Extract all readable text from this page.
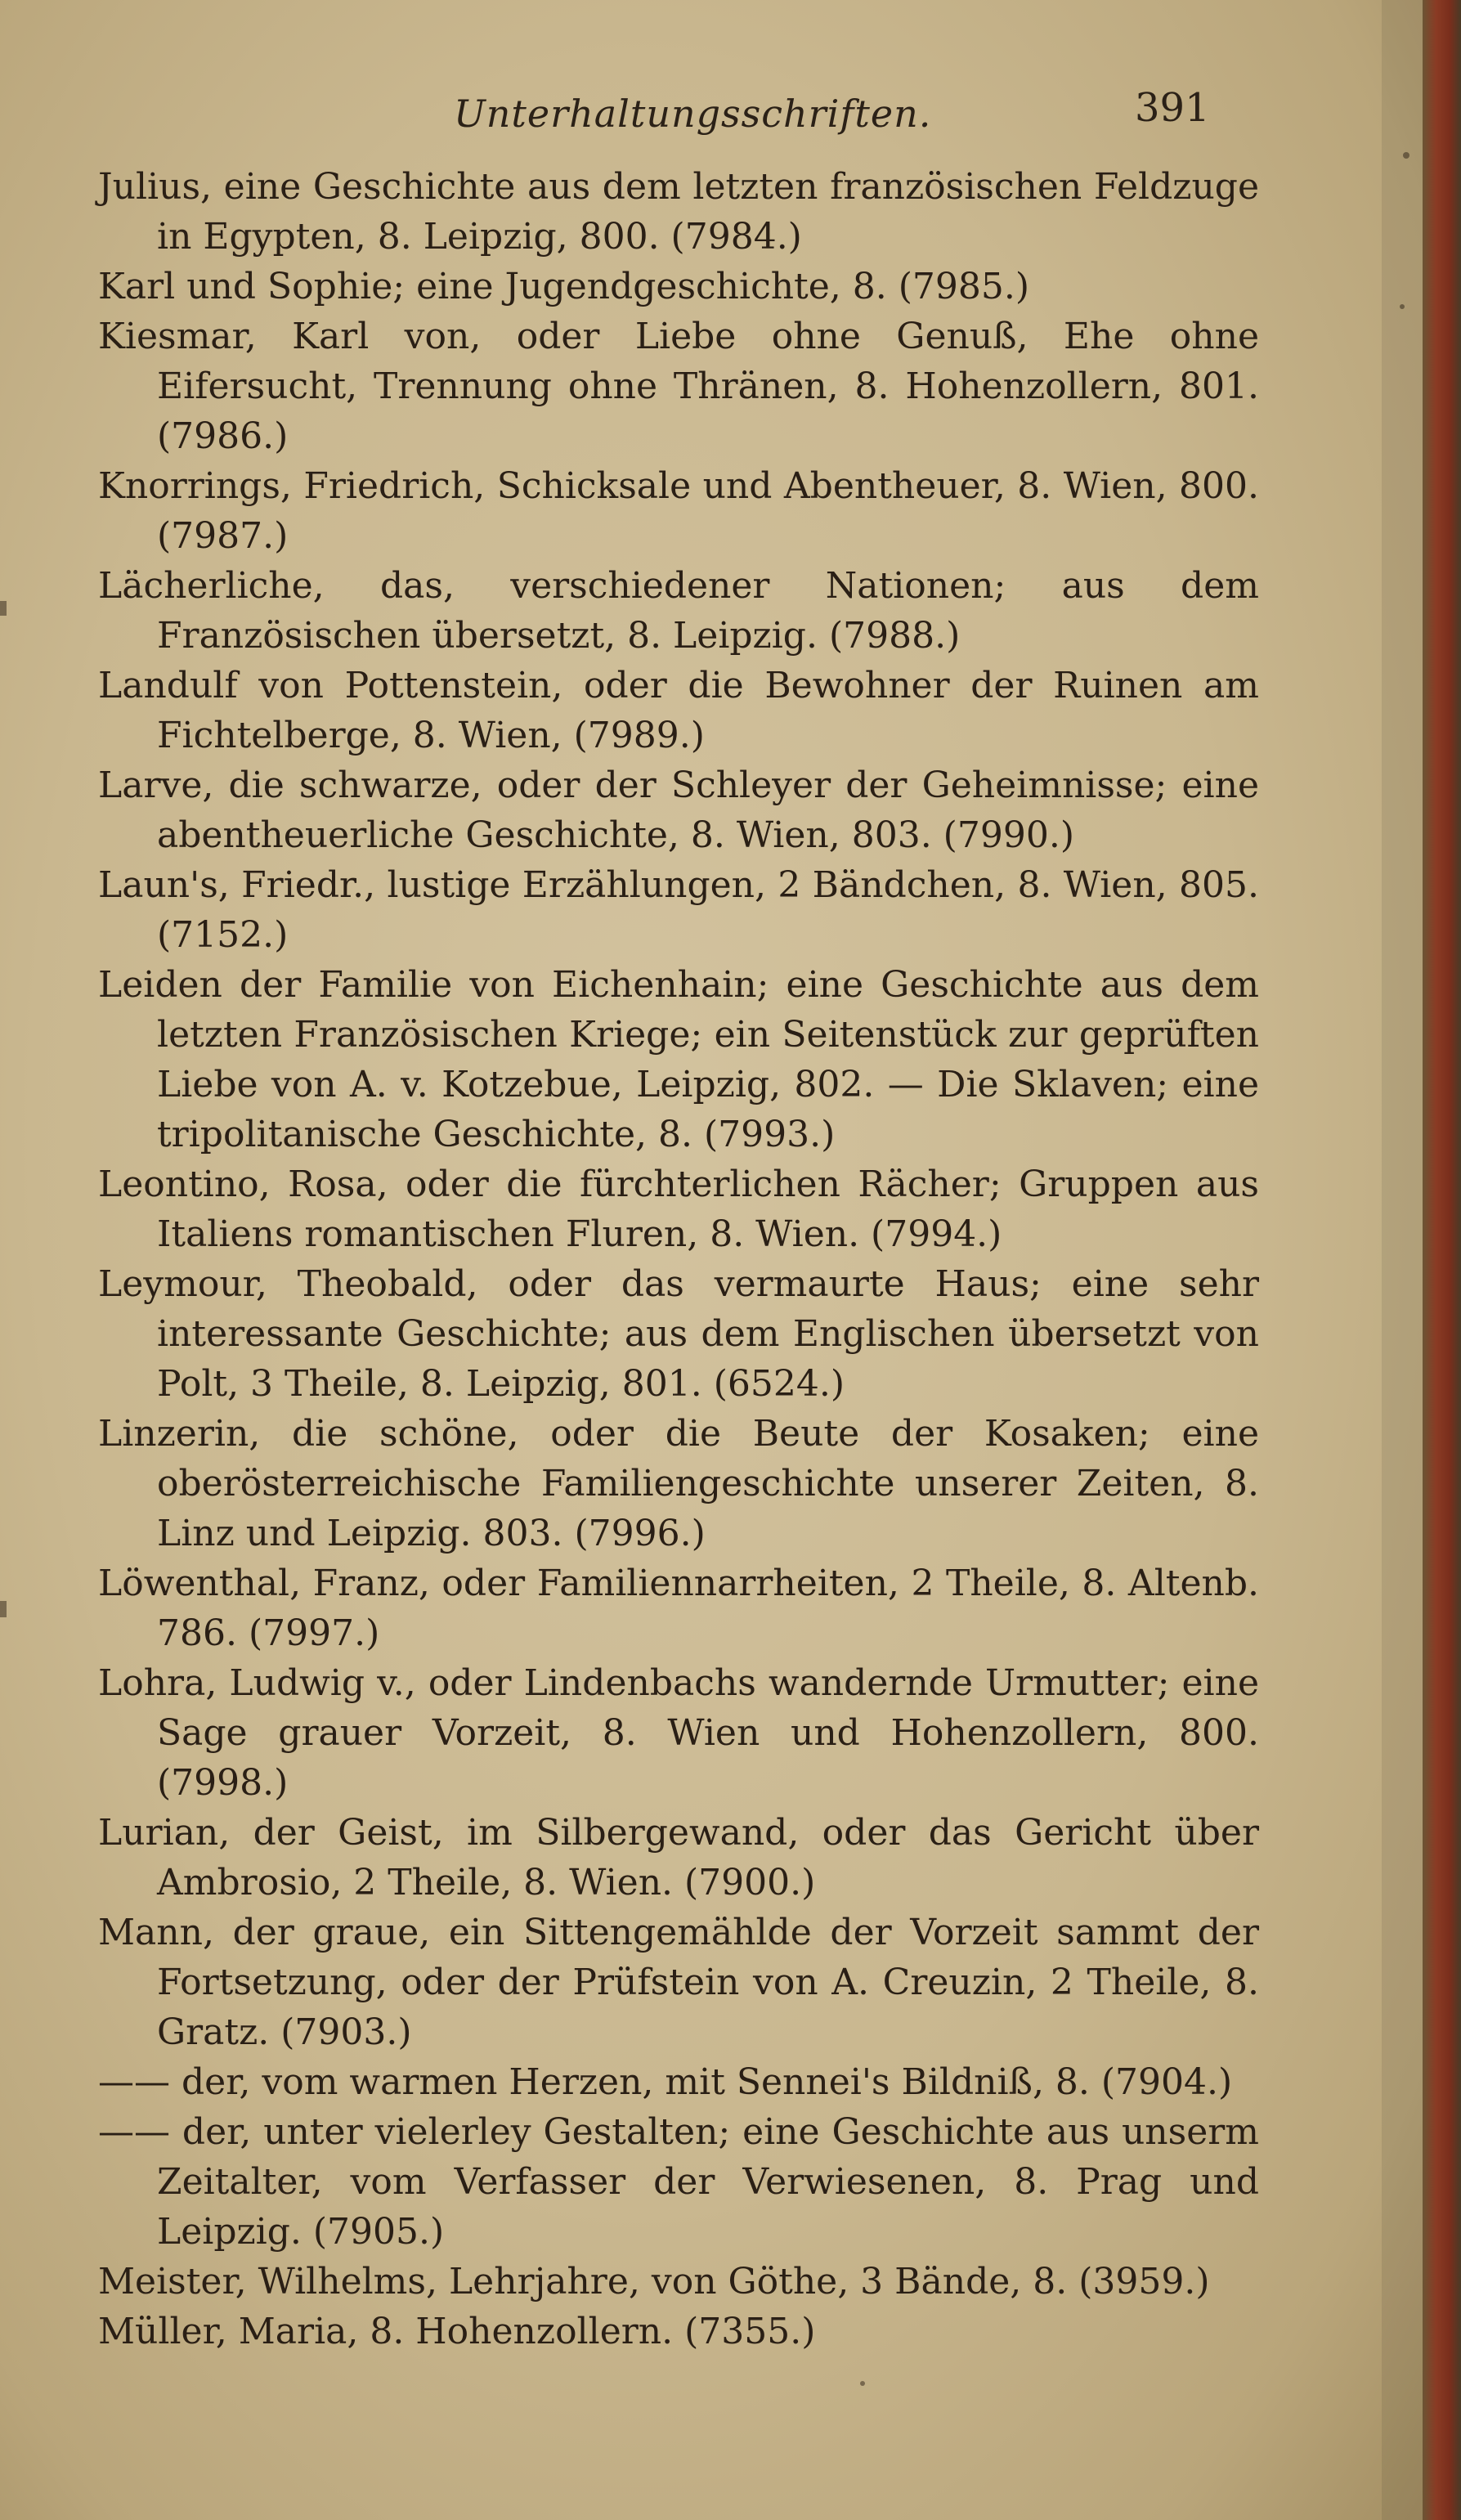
Unterhaltungsschriften.	391

Julius, eine Geschichte aus dem letzten französischen Feldzuge in Egypten, 8. Leipzig, 800. (7984.)

Karl und Sophie; eine Jugendgeschichte, 8. (7985.)

Kiesmar, Karl von, oder Liebe ohne Genuß, Ehe ohne Eifersucht, Trennung ohne Thränen, 8. Hohenzollern, 801. (7986.)

Knorrings, Friedrich, Schicksale und Abentheuer, 8. Wien, 800. (7987.)

Lächerliche, das, verschiedener Nationen; aus dem Französischen übersetzt, 8. Leipzig. (7988.)

Landulf von Pottenstein, oder die Bewohner der Ruinen am Fichtelberge, 8. Wien, (7989.)

Larve, die schwarze, oder der Schleyer der Geheimnisse; eine abentheuerliche Geschichte, 8. Wien, 803. (7990.)

Laun's, Friedr., lustige Erzählungen, 2 Bändchen, 8. Wien, 805. (7152.)

Leiden der Familie von Eichenhain; eine Geschichte aus dem letzten Französischen Kriege; ein Seitenstück zur geprüften Liebe von A. v. Kotzebue, Leipzig, 802. — Die Sklaven; eine tripolitanische Geschichte, 8. (7993.)

Leontino, Rosa, oder die fürchterlichen Rächer; Gruppen aus Italiens romantischen Fluren, 8. Wien. (7994.)

Leymour, Theobald, oder das vermaurte Haus; eine sehr interessante Geschichte; aus dem Englischen übersetzt von Polt, 3 Theile, 8. Leipzig, 801. (6524.)

Linzerin, die schöne, oder die Beute der Kosaken; eine oberösterreichische Familiengeschichte unserer Zeiten, 8. Linz und Leipzig. 803. (7996.)

Löwenthal, Franz, oder Familiennarrheiten, 2 Theile, 8. Altenb. 786. (7997.)

Lohra, Ludwig v., oder Lindenbachs wandernde Urmutter; eine Sage grauer Vorzeit, 8. Wien und Hohenzollern, 800. (7998.)

Lurian, der Geist, im Silbergewand, oder das Gericht über Ambrosio, 2 Theile, 8. Wien. (7900.)

Mann, der graue, ein Sittengemählde der Vorzeit sammt der Fortsetzung, oder der Prüfstein von A. Creuzin, 2 Theile, 8. Gratz. (7903.)

—— der, vom warmen Herzen, mit Sennei's Bildniß, 8. (7904.)

—— der, unter vielerley Gestalten; eine Geschichte aus unserm Zeitalter, vom Verfasser der Verwiesenen, 8. Prag und Leipzig. (7905.)

Meister, Wilhelms, Lehrjahre, von Göthe, 3 Bände, 8. (3959.)

Müller, Maria, 8. Hohenzollern. (7355.)
